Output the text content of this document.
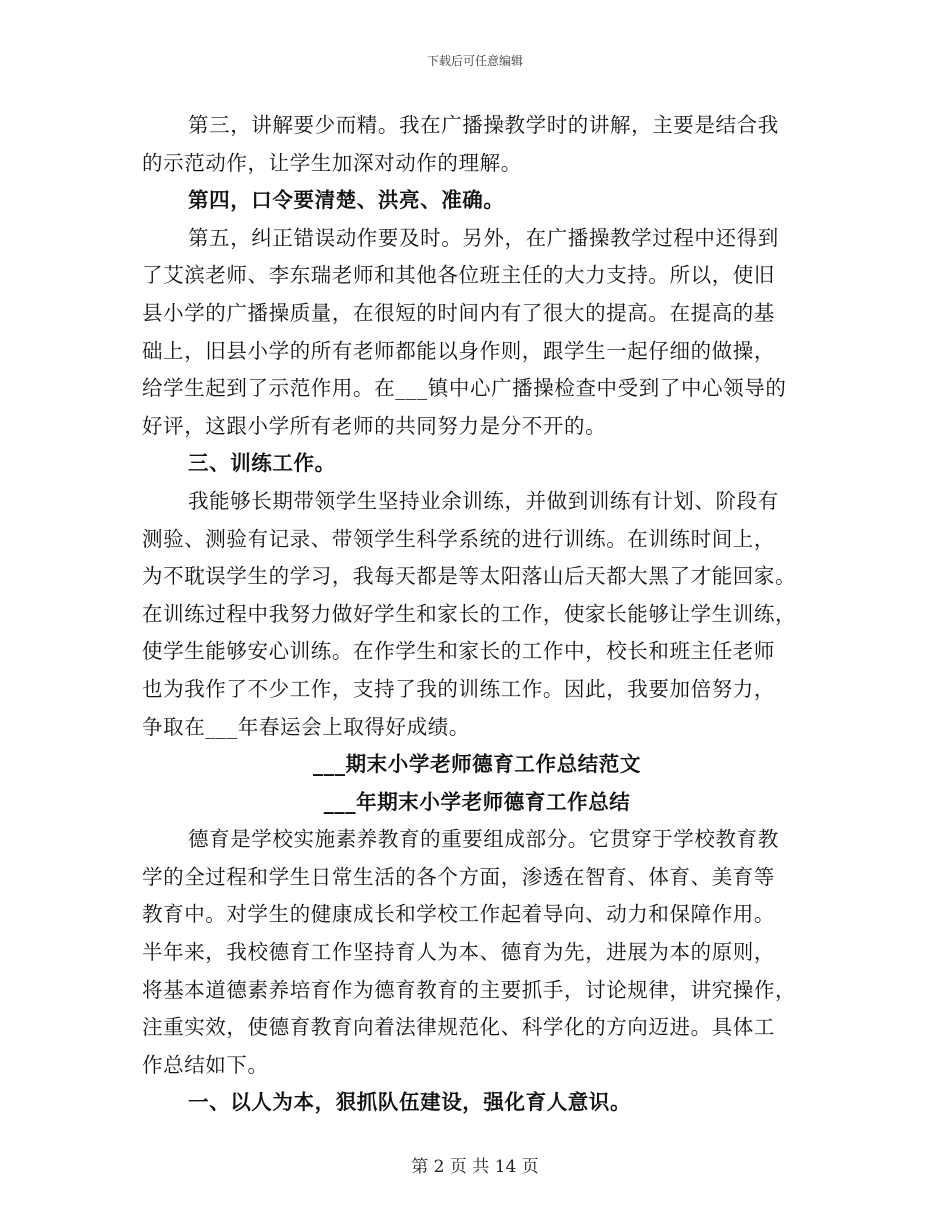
下载后可任意编辑
第三，讲解要少而精。我在广播操教学时的讲解，主要是结合我
的示范动作，让学生加深对动作的理解。
第四，口令要清楚、洪亮、准确。
第五，纠正错误动作要及时。另外，在广播操教学过程中还得到
了艾滨老师、李东瑞老师和其他各位班主任的大力支持。所以，使旧
县小学的广播操质量，在很短的时间内有了很大的提高。在提高的基
础上，旧县小学的所有老师都能以身作则，跟学生一起仔细的做操，
给学生起到了示范作用。在___镇中心广播操检查中受到了中心领导的
好评，这跟小学所有老师的共同努力是分不开的。
三、训练工作。
我能够长期带领学生坚持业余训练，并做到训练有计划、阶段有
测验、测验有记录、带领学生科学系统的进行训练。在训练时间上，
为不耽误学生的学习，我每天都是等太阳落山后天都大黑了才能回家。
在训练过程中我努力做好学生和家长的工作，使家长能够让学生训练，
使学生能够安心训练。在作学生和家长的工作中，校长和班主任老师
也为我作了不少工作，支持了我的训练工作。因此，我要加倍努力，
争取在___年春运会上取得好成绩。
___期末小学老师德育工作总结范文
___年期末小学老师德育工作总结
德育是学校实施素养教育的重要组成部分。它贯穿于学校教育教
学的全过程和学生日常生活的各个方面，渗透在智育、体育、美育等
教育中。对学生的健康成长和学校工作起着导向、动力和保障作用。
半年来，我校德育工作坚持育人为本、德育为先，进展为本的原则，
将基本道德素养培育作为德育教育的主要抓手，讨论规律，讲究操作，
注重实效，使德育教育向着法律规范化、科学化的方向迈进。具体工
作总结如下。
一、以人为本，狠抓队伍建设，强化育人意识。
第 2 页 共 14 页
